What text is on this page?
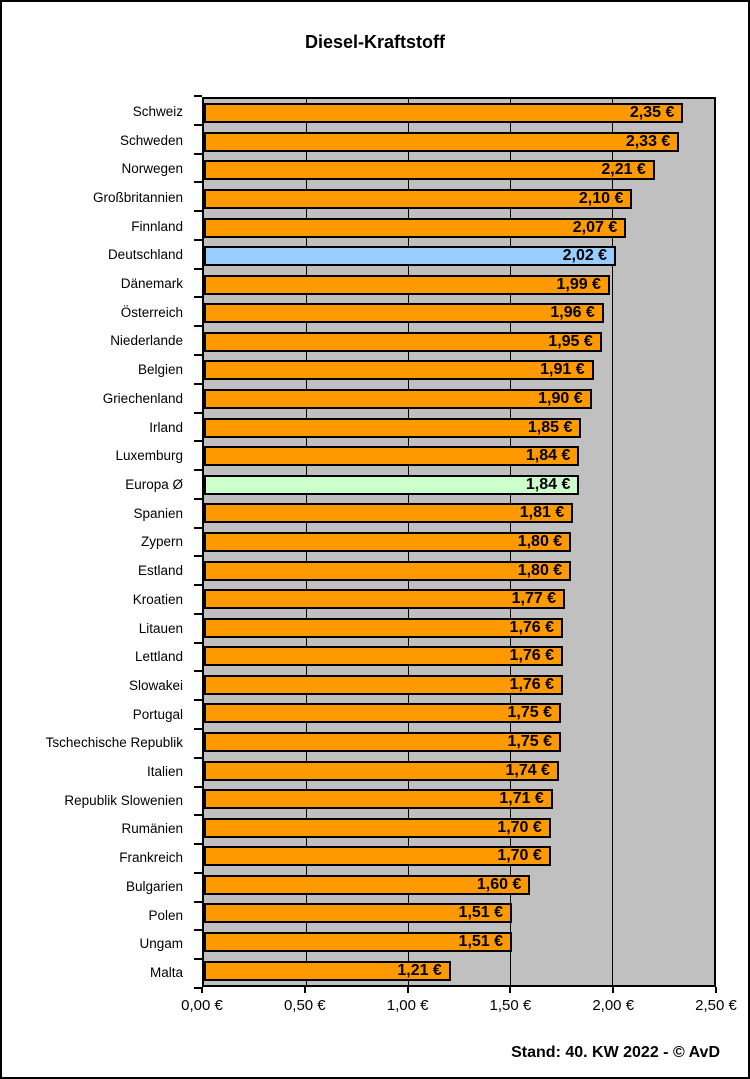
Diesel-Kraftstoff
Schweiz
Schweden
Norwegen
Großbritannien
Finnland
Deutschland
Dänemark
Österreich
Niederlande
Belgien
Griechenland
Irland
Luxemburg
Europa Ø
Spanien
Zypern
Estland
Kroatien
Litauen
Lettland
Slowakei
Portugal
Tschechische Republik
Italien
Republik Slowenien
Rumänien
Frankreich
Bulgarien
Polen
Ungam
Malta
2,35 €
2,33 €
2,21 €
2,10 €
2,07 €
2,02 €
1,99 €
1,96 €
1,95 €
1,91 €
1,90 €
1,85 €
1,84 €
1,84 €
1,81 €
1,80 €
1,80 €
1,77 €
1,76 €
1,76 €
1,76 €
1,75 €
1,75 €
1,74 €
1,71 €
1,70 €
1,70 €
1,60 €
1,51 €
1,51 €
1,21 €
0,00 €	0,50 €	1,00 €	1,50 €	2,00 €	2,50 €
Stand: 40. KW 2022 - © AvD
